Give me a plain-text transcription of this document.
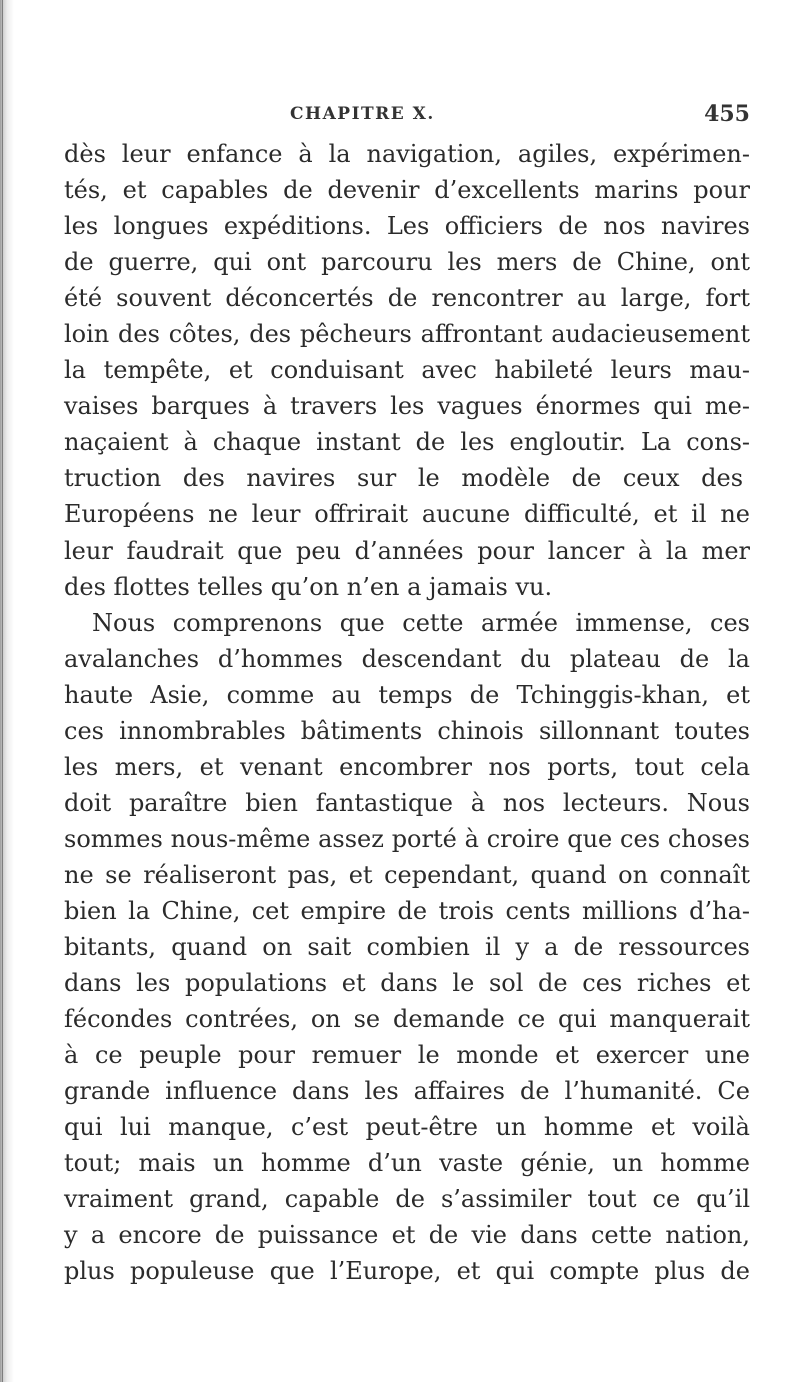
CHAPITRE X.	455
dès leur enfance à la navigation, agiles, expérimen-
tés, et capables de devenir d’excellents marins pour
les longues expéditions. Les officiers de nos navires
de guerre, qui ont parcouru les mers de Chine, ont
été souvent déconcertés de rencontrer au large, fort
loin des côtes, des pêcheurs affrontant audacieusement
la tempête, et conduisant avec habileté leurs mau-
vaises barques à travers les vagues énormes qui me-
naçaient à chaque instant de les engloutir. La cons-
truction des navires sur le modèle de ceux des
Européens ne leur offrirait aucune difficulté, et il ne
leur faudrait que peu d’années pour lancer à la mer
des flottes telles qu’on n’en a jamais vu.
Nous comprenons que cette armée immense, ces
avalanches d’hommes descendant du plateau de la
haute Asie, comme au temps de Tchinggis-khan, et
ces innombrables bâtiments chinois sillonnant toutes
les mers, et venant encombrer nos ports, tout cela
doit paraître bien fantastique à nos lecteurs. Nous
sommes nous-même assez porté à croire que ces choses
ne se réaliseront pas, et cependant, quand on connaît
bien la Chine, cet empire de trois cents millions d’ha-
bitants, quand on sait combien il y a de ressources
dans les populations et dans le sol de ces riches et
fécondes contrées, on se demande ce qui manquerait
à ce peuple pour remuer le monde et exercer une
grande influence dans les affaires de l’humanité. Ce
qui lui manque, c’est peut-être un homme et voilà
tout; mais un homme d’un vaste génie, un homme
vraiment grand, capable de s’assimiler tout ce qu’il
y a encore de puissance et de vie dans cette nation,
plus populeuse que l’Europe, et qui compte plus de
